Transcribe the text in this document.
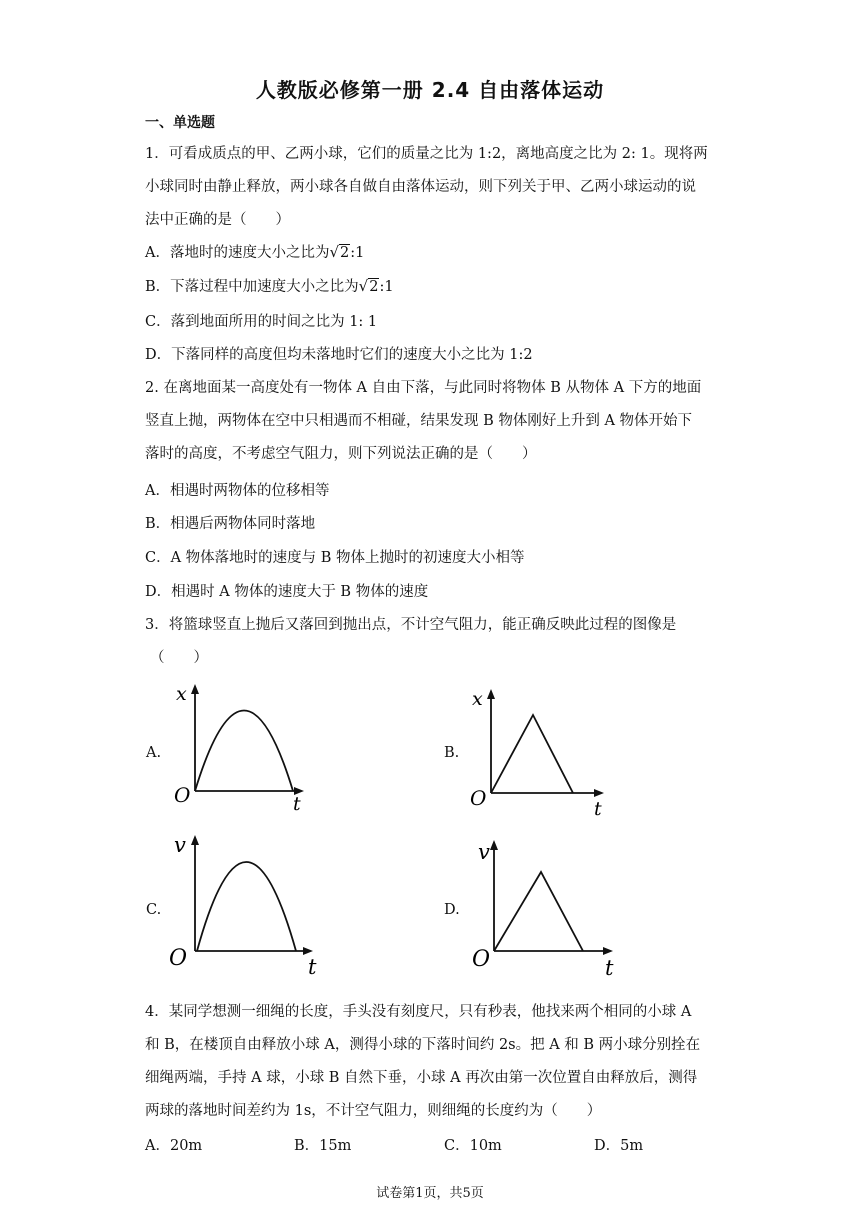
人教版必修第一册 2.4 自由落体运动
一、单选题
1．可看成质点的甲、乙两小球，它们的质量之比为 1:2，离地高度之比为 2: 1。现将两
小球同时由静止释放，两小球各自做自由落体运动，则下列关于甲、乙两小球运动的说
法中正确的是（　　）
A．落地时的速度大小之比为√2:1
B．下落过程中加速度大小之比为√2:1
C．落到地面所用的时间之比为 1: 1
D．下落同样的高度但均未落地时它们的速度大小之比为 1:2
2. 在离地面某一高度处有一物体 A 自由下落，与此同时将物体 B 从物体 A 下方的地面
竖直上抛，两物体在空中只相遇而不相碰，结果发现 B 物体刚好上升到 A 物体开始下
落时的高度，不考虑空气阻力，则下列说法正确的是（　　）
A．相遇时两物体的位移相等
B．相遇后两物体同时落地
C．A 物体落地时的速度与 B 物体上抛时的初速度大小相等
D．相遇时 A 物体的速度大于 B 物体的速度
3．将篮球竖直上抛后又落回到抛出点，不计空气阻力，能正确反映此过程的图像是
（　　）
A.
x
t
O
B.
x
t
O
C.
v
t
O
D.
v
t
O
4．某同学想测一细绳的长度，手头没有刻度尺，只有秒表，他找来两个相同的小球 A
和 B，在楼顶自由释放小球 A，测得小球的下落时间约 2s。把 A 和 B 两小球分别拴在
细绳两端，手持 A 球，小球 B 自然下垂，小球 A 再次由第一次位置自由释放后，测得
两球的落地时间差约为 1s，不计空气阻力，则细绳的长度约为（　　）
A．20m	B．15m	C．10m	D．5m
试卷第1页，共5页
